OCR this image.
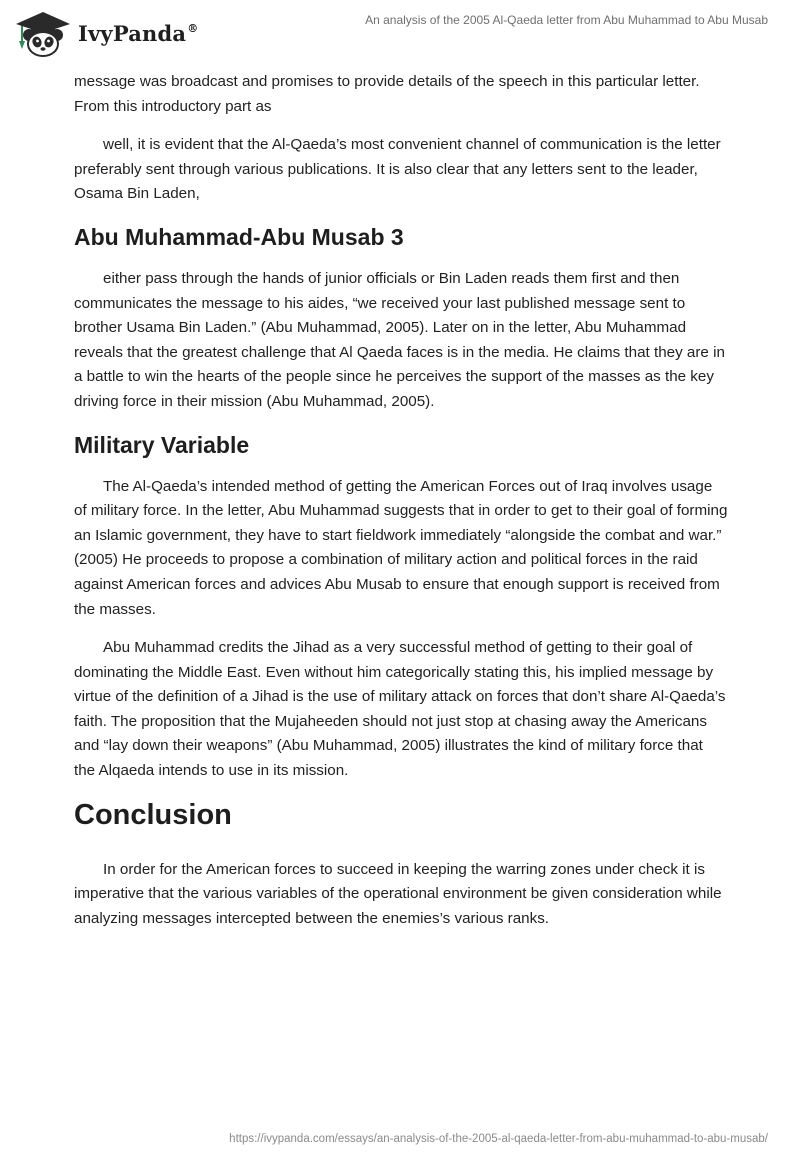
IvyPanda®
An analysis of the 2005 Al-Qaeda letter from Abu Muhammad to Abu Musab

message was broadcast and promises to provide details of the speech in this particular letter. From this introductory part as

well, it is evident that the Al-Qaeda’s most convenient channel of communication is the letter preferably sent through various publications. It is also clear that any letters sent to the leader, Osama Bin Laden,

Abu Muhammad-Abu Musab 3

either pass through the hands of junior officials or Bin Laden reads them first and then communicates the message to his aides, “we received your last published message sent to brother Usama Bin Laden.” (Abu Muhammad, 2005). Later on in the letter, Abu Muhammad reveals that the greatest challenge that Al Qaeda faces is in the media. He claims that they are in a battle to win the hearts of the people since he perceives the support of the masses as the key driving force in their mission (Abu Muhammad, 2005).

Military Variable

The Al-Qaeda’s intended method of getting the American Forces out of Iraq involves usage of military force. In the letter, Abu Muhammad suggests that in order to get to their goal of forming an Islamic government, they have to start fieldwork immediately “alongside the combat and war.” (2005) He proceeds to propose a combination of military action and political forces in the raid against American forces and advices Abu Musab to ensure that enough support is received from the masses.

Abu Muhammad credits the Jihad as a very successful method of getting to their goal of dominating the Middle East. Even without him categorically stating this, his implied message by virtue of the definition of a Jihad is the use of military attack on forces that don’t share Al-Qaeda’s faith. The proposition that the Mujaheeden should not just stop at chasing away the Americans and “lay down their weapons” (Abu Muhammad, 2005) illustrates the kind of military force that the Alqaeda intends to use in its mission.

Conclusion

In order for the American forces to succeed in keeping the warring zones under check it is imperative that the various variables of the operational environment be given consideration while analyzing messages intercepted between the enemies’s various ranks.

https://ivypanda.com/essays/an-analysis-of-the-2005-al-qaeda-letter-from-abu-muhammad-to-abu-musab/
